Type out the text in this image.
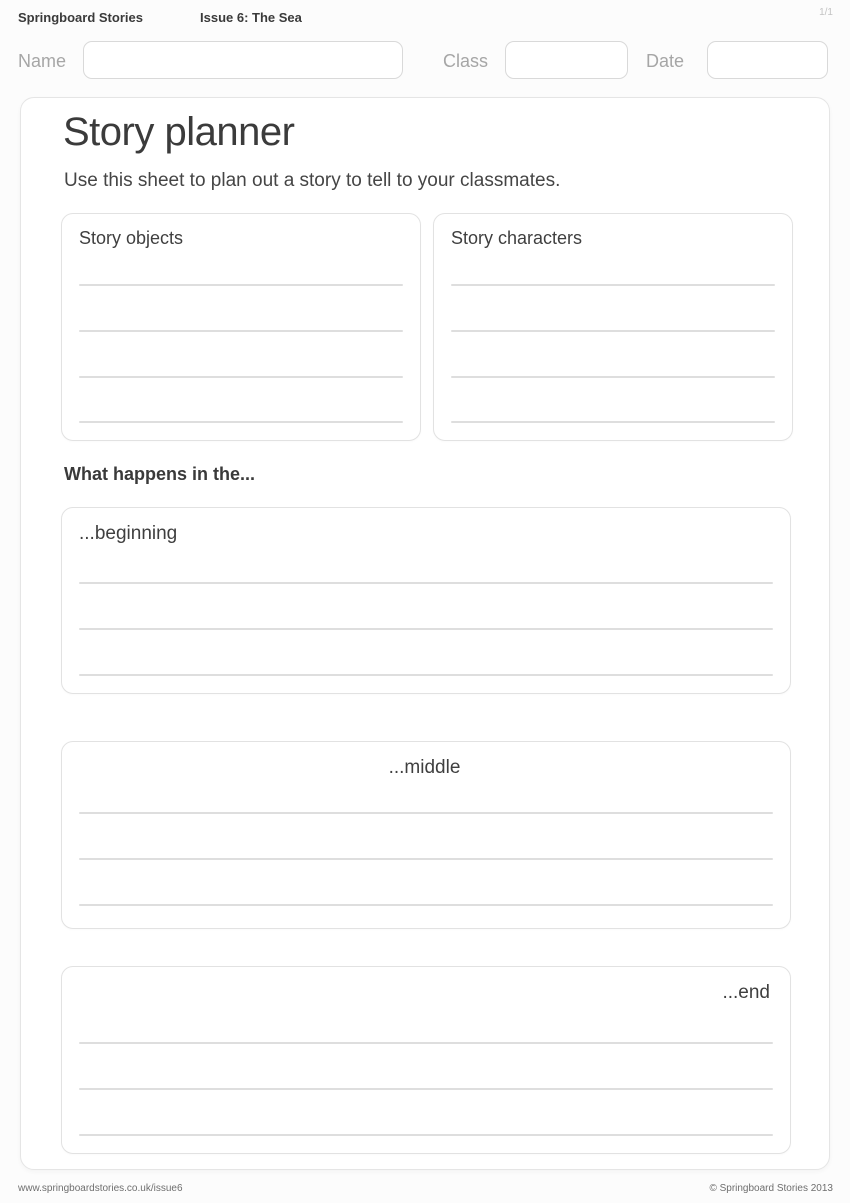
Springboard Stories	Issue 6: The Sea	1/1
Name	Class	Date
Story planner

Use this sheet to plan out a story to tell to your classmates.

Story objects	Story characters
What happens in the...
...beginning
...middle
...end
www.springboardstories.co.uk/issue6	© Springboard Stories 2013
